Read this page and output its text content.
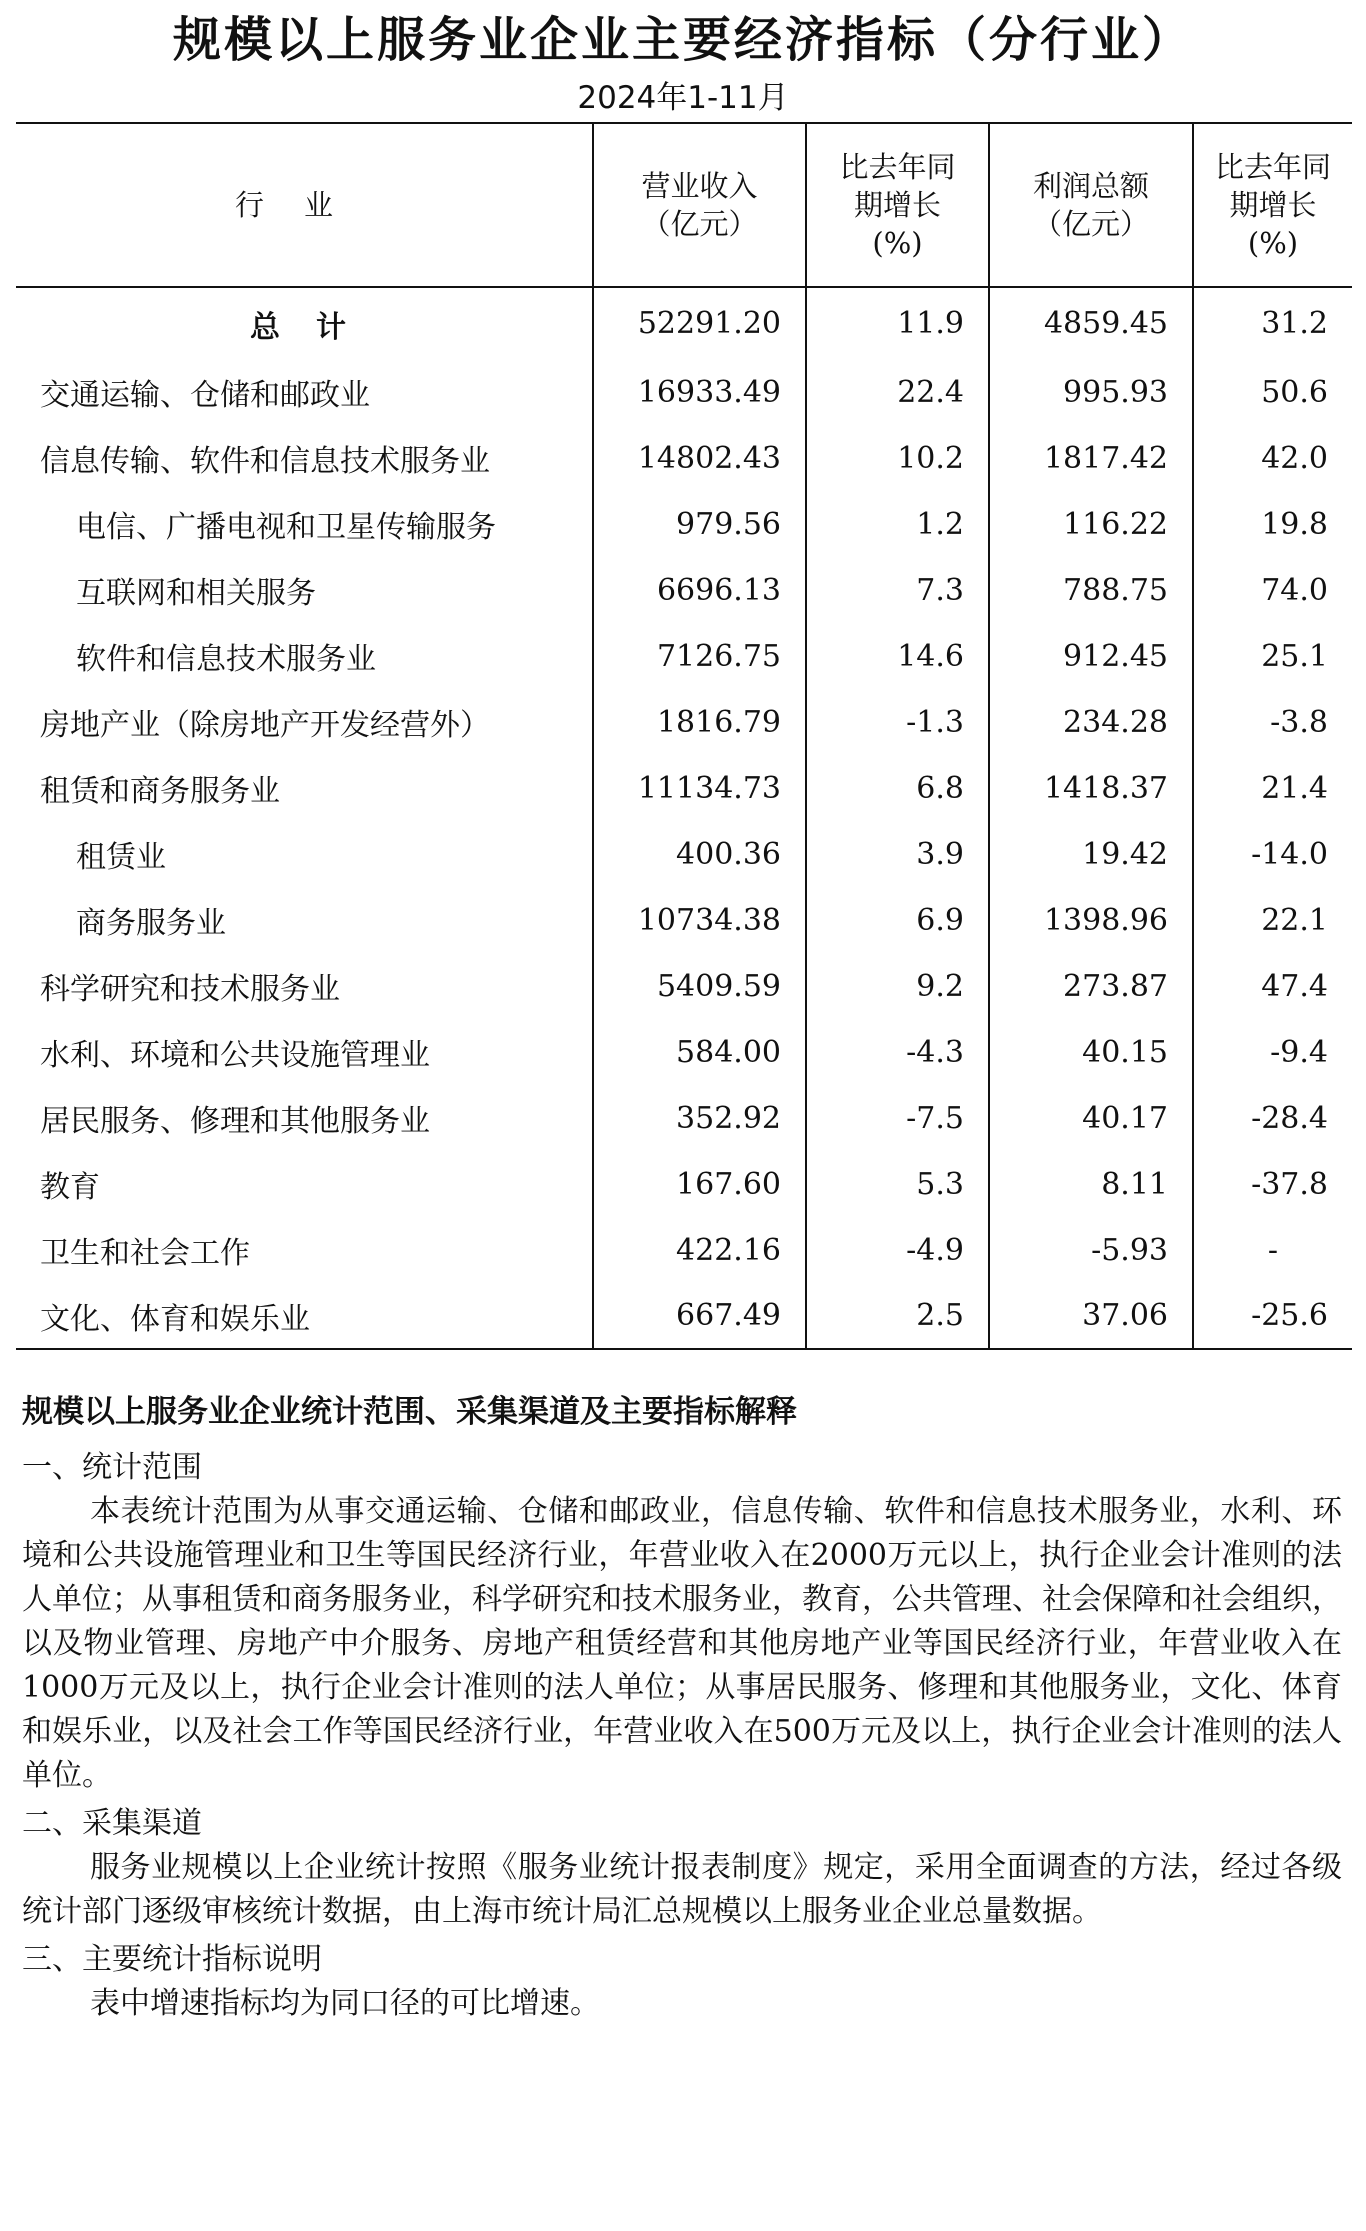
规模以上服务业企业主要经济指标（分行业）
2024年1-11月
行业	营业收入（亿元）	比去年同期增长(%)	利润总额（亿元）	比去年同期增长(%)

总计	52291.20	11.9	4859.45	31.2
交通运输、仓储和邮政业	16933.49	22.4	995.93	50.6
信息传输、软件和信息技术服务业	14802.43	10.2	1817.42	42.0
电信、广播电视和卫星传输服务	979.56	1.2	116.22	19.8
互联网和相关服务	6696.13	7.3	788.75	74.0
软件和信息技术服务业	7126.75	14.6	912.45	25.1
房地产业（除房地产开发经营外）	1816.79	-1.3	234.28	-3.8
租赁和商务服务业	11134.73	6.8	1418.37	21.4
租赁业	400.36	3.9	19.42	-14.0
商务服务业	10734.38	6.9	1398.96	22.1
科学研究和技术服务业	5409.59	9.2	273.87	47.4
水利、环境和公共设施管理业	584.00	-4.3	40.15	-9.4
居民服务、修理和其他服务业	352.92	-7.5	40.17	-28.4
教育	167.60	5.3	8.11	-37.8
卫生和社会工作	422.16	-4.9	-5.93	-
文化、体育和娱乐业	667.49	2.5	37.06	-25.6
规模以上服务业企业统计范围、采集渠道及主要指标解释
一、统计范围
本表统计范围为从事交通运输、仓储和邮政业，信息传输、软件和信息技术服务业，水利、环境和公共设施管理业和卫生等国民经济行业，年营业收入在2000万元以上，执行企业会计准则的法人单位；从事租赁和商务服务业，科学研究和技术服务业，教育，公共管理、社会保障和社会组织，以及物业管理、房地产中介服务、房地产租赁经营和其他房地产业等国民经济行业，年营业收入在1000万元及以上，执行企业会计准则的法人单位；从事居民服务、修理和其他服务业，文化、体育和娱乐业，以及社会工作等国民经济行业，年营业收入在500万元及以上，执行企业会计准则的法人单位。
二、采集渠道
服务业规模以上企业统计按照《服务业统计报表制度》规定，采用全面调查的方法，经过各级统计部门逐级审核统计数据，由上海市统计局汇总规模以上服务业企业总量数据。
三、主要统计指标说明
表中增速指标均为同口径的可比增速。
